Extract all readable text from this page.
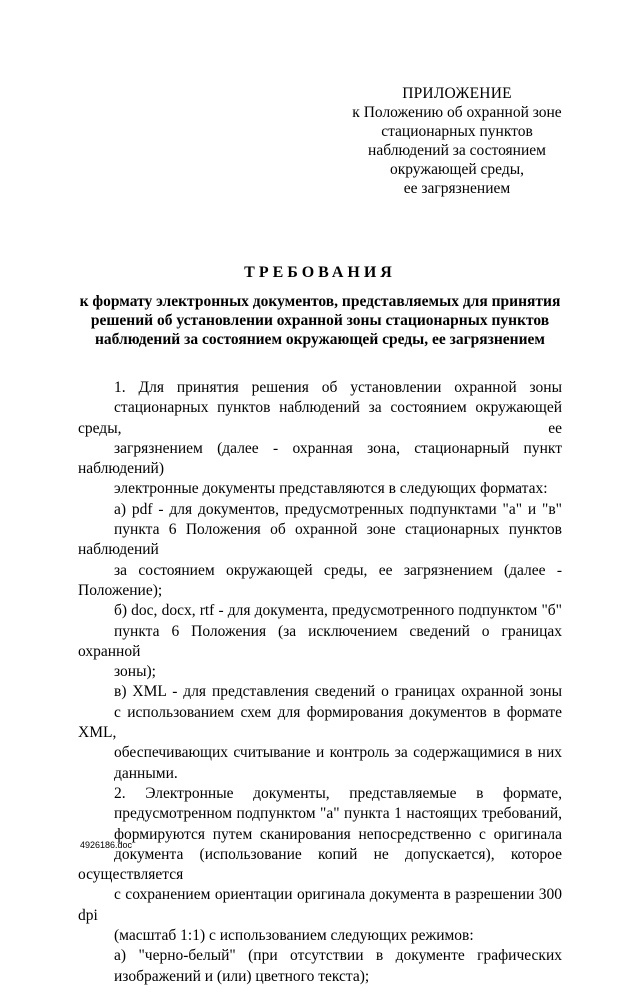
ПРИЛОЖЕНИЕ
к Положению об охранной зоне
стационарных пунктов
наблюдений за состоянием
окружающей среды,
ее загрязнением
ТРЕБОВАНИЯ
к формату электронных документов, представляемых для принятия
решений об установлении охранной зоны стационарных пунктов
наблюдений за состоянием окружающей среды, ее загрязнением

1. Для принятия решения об установлении охранной зоны
стационарных пунктов наблюдений за состоянием окружающей среды, ее
загрязнением (далее - охранная зона, стационарный пункт наблюдений)
электронные документы представляются в следующих форматах:

а) pdf - для документов, предусмотренных подпунктами "а" и "в"
пункта 6 Положения об охранной зоне стационарных пунктов наблюдений
за состоянием окружающей среды, ее загрязнением (далее - Положение);

б) doc, docx, rtf - для документа, предусмотренного подпунктом "б"
пункта 6 Положения (за исключением сведений о границах охранной
зоны);

в) XML - для представления сведений о границах охранной зоны
с использованием схем для формирования документов в формате XML,
обеспечивающих считывание и контроль за содержащимися в них
данными.

2. Электронные документы, представляемые в формате,
предусмотренном подпунктом "а" пункта 1 настоящих требований,
формируются путем сканирования непосредственно с оригинала
документа (использование копий не допускается), которое осуществляется
с сохранением ориентации оригинала документа в разрешении 300 dpi
(масштаб 1:1) с использованием следующих режимов:

а) "черно-белый" (при отсутствии в документе графических
изображений и (или) цветного текста);

4926186.doc
